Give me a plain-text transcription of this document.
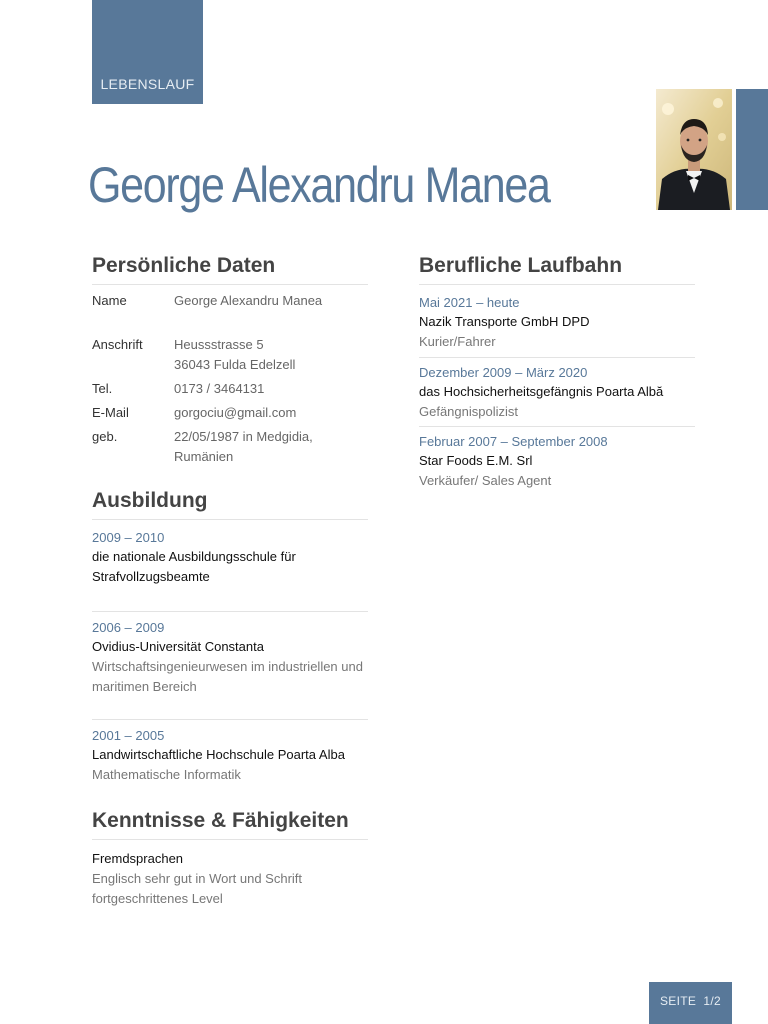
LEBENSLAUF
George Alexandru Manea
Persönliche Daten
Name	George Alexandru Manea
Anschrift	Heussstrasse 5
36043 Fulda Edelzell
Tel.	0173 / 3464131
E-Mail	gorgociu@gmail.com
geb.	22/05/1987 in Medgidia,
Rumänien
Ausbildung
2009 – 2010
die nationale Ausbildungsschule für
Strafvollzugsbeamte
2006 – 2009
Ovidius-Universität Constanta
Wirtschaftsingenieurwesen im industriellen und
maritimen Bereich
2001 – 2005
Landwirtschaftliche Hochschule Poarta Alba
Mathematische Informatik
Kenntnisse & Fähigkeiten
Fremdsprachen
Englisch sehr gut in Wort und Schrift
fortgeschrittenes Level
Berufliche Laufbahn
Mai 2021 – heute
Nazik Transporte GmbH DPD
Kurier/Fahrer
Dezember 2009 – März 2020
das Hochsicherheitsgefängnis Poarta Albă
Gefängnispolizist
Februar 2007 – September 2008
Star Foods E.M. Srl
Verkäufer/ Sales Agent
SEITE  1/2
